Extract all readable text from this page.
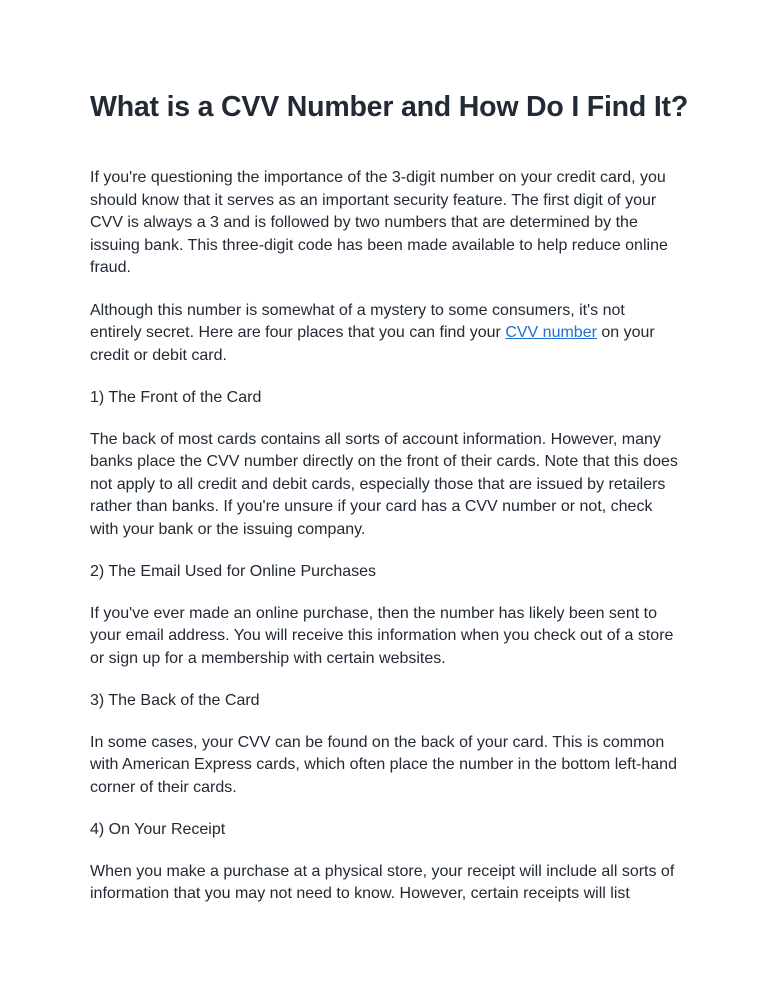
What is a CVV Number and How Do I Find It?

If you're questioning the importance of the 3-digit number on your credit card, you should know that it serves as an important security feature. The first digit of your CVV is always a 3 and is followed by two numbers that are determined by the issuing bank. This three-digit code has been made available to help reduce online fraud.

Although this number is somewhat of a mystery to some consumers, it's not entirely secret. Here are four places that you can find your CVV number on your credit or debit card.

1) The Front of the Card

The back of most cards contains all sorts of account information. However, many banks place the CVV number directly on the front of their cards. Note that this does not apply to all credit and debit cards, especially those that are issued by retailers rather than banks. If you're unsure if your card has a CVV number or not, check with your bank or the issuing company.

2) The Email Used for Online Purchases

If you've ever made an online purchase, then the number has likely been sent to your email address. You will receive this information when you check out of a store or sign up for a membership with certain websites.

3) The Back of the Card

In some cases, your CVV can be found on the back of your card. This is common with American Express cards, which often place the number in the bottom left-hand corner of their cards.

4) On Your Receipt

When you make a purchase at a physical store, your receipt will include all sorts of information that you may not need to know. However, certain receipts will list
